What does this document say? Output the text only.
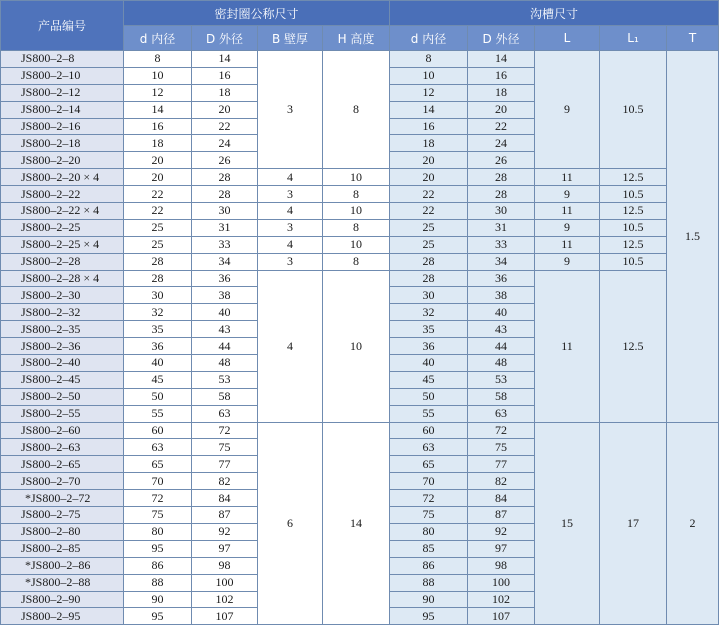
产品编号	密封圈公称尺寸				沟槽尺寸				
	d 内径	D 外径	B 壁厚	H 高度	d 内径	D 外径	L	L₁	T
JS800–2–8	8	14	3	8	8	14	9	10.5	1.5
JS800–2–10	10	16			10	16			
JS800–2–12	12	18			12	18			
JS800–2–14	14	20			14	20			
JS800–2–16	16	22			16	22			
JS800–2–18	18	24			18	24			
JS800–2–20	20	26			20	26			
JS800–2–20 × 4	20	28	4	10	20	28	11	12.5	
JS800–2–22	22	28	3	8	22	28	9	10.5	
JS800–2–22 × 4	22	30	4	10	22	30	11	12.5	
JS800–2–25	25	31	3	8	25	31	9	10.5	
JS800–2–25 × 4	25	33	4	10	25	33	11	12.5	
JS800–2–28	28	34	3	8	28	34	9	10.5	
JS800–2–28 × 4	28	36	4	10	28	36	11	12.5	
JS800–2–30	30	38			30	38			
JS800–2–32	32	40			32	40			
JS800–2–35	35	43			35	43			
JS800–2–36	36	44			36	44			
JS800–2–40	40	48			40	48			
JS800–2–45	45	53			45	53			
JS800–2–50	50	58			50	58			
JS800–2–55	55	63			55	63			
JS800–2–60	60	72	6	14	60	72	15	17	2
JS800–2–63	63	75			63	75			
JS800–2–65	65	77			65	77			
JS800–2–70	70	82			70	82			
*JS800–2–72	72	84			72	84			
JS800–2–75	75	87			75	87			
JS800–2–80	80	92			80	92			
JS800–2–85	95	97			85	97			
*JS800–2–86	86	98			86	98			
*JS800–2–88	88	100			88	100			
JS800–2–90	90	102			90	102			
JS800–2–95	95	107			95	107			
